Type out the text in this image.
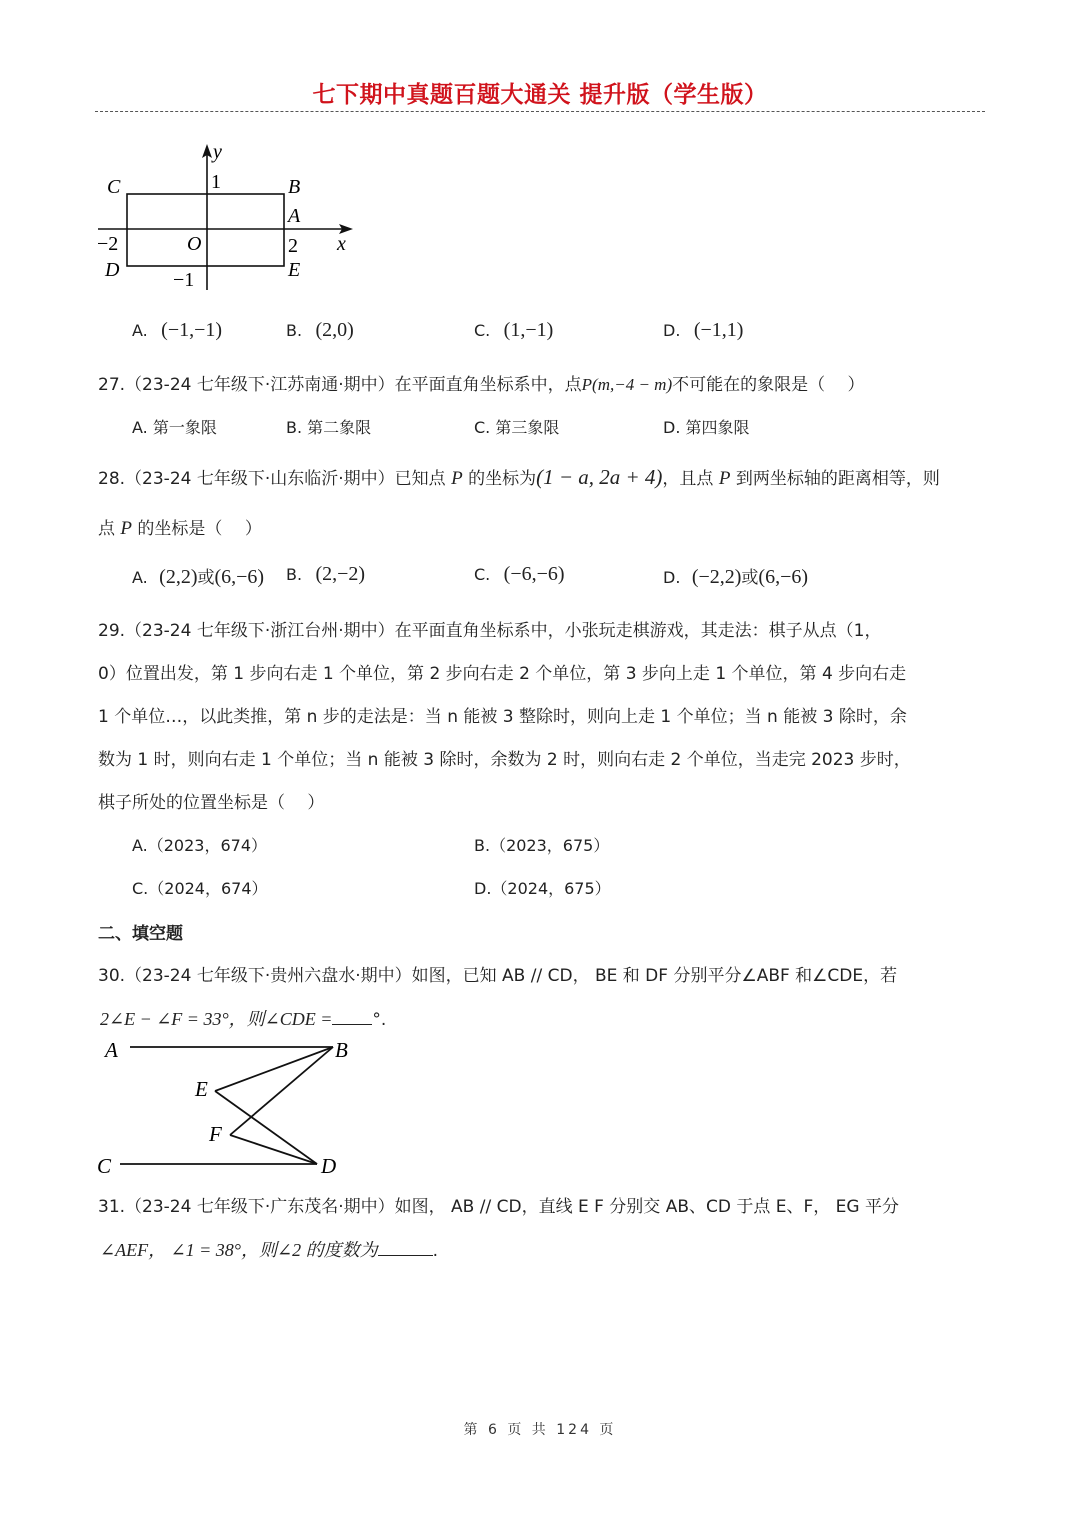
七下期中真题百题大通关 提升版（学生版）
y
x
1
−1
2
−2	O
A
B
C
D	E
A. (−1,−1)	B. (2,0)	C. (1,−1)	D. (−1,1)
27.（23-24 七年级下·江苏南通·期中）在平面直角坐标系中，点P(m,−4 − m)不可能在的象限是（　 ）
A. 第一象限	B. 第二象限	C. 第三象限	D. 第四象限
28.（23-24 七年级下·山东临沂·期中）已知点 P 的坐标为(1 − a, 2a + 4)，且点 P 到两坐标轴的距离相等，则
点 P 的坐标是（　 ）
A. (2,2)或(6,−6) B. (2,−2)	C. (−6,−6)	D. (−2,2)或(6,−6)
29.（23-24 七年级下·浙江台州·期中）在平面直角坐标系中，小张玩走棋游戏，其走法：棋子从点（1，
0）位置出发，第 1 步向右走 1 个单位，第 2 步向右走 2 个单位，第 3 步向上走 1 个单位，第 4 步向右走
1 个单位…，以此类推，第 n 步的走法是：当 n 能被 3 整除时，则向上走 1 个单位；当 n 能被 3 除时，余
数为 1 时，则向右走 1 个单位；当 n 能被 3 除时，余数为 2 时，则向右走 2 个单位，当走完 2023 步时，
棋子所处的位置坐标是（　 ）
A.（2023，674）	B.（2023，675）
C.（2024，674）	D.（2024，675）
二、填空题
30.（23-24 七年级下·贵州六盘水·期中）如图，已知 AB // CD， BE 和 DF 分别平分∠ABF 和∠CDE，若
2∠E − ∠F = 33°，则∠CDE = °.
A	B
C	D
E
F
31.（23-24 七年级下·广东茂名·期中）如图， AB // CD，直线 E F 分别交 AB、CD 于点 E、F， EG 平分
∠AEF， ∠1 = 38°，则∠2 的度数为	.
第 6 页 共 124 页
